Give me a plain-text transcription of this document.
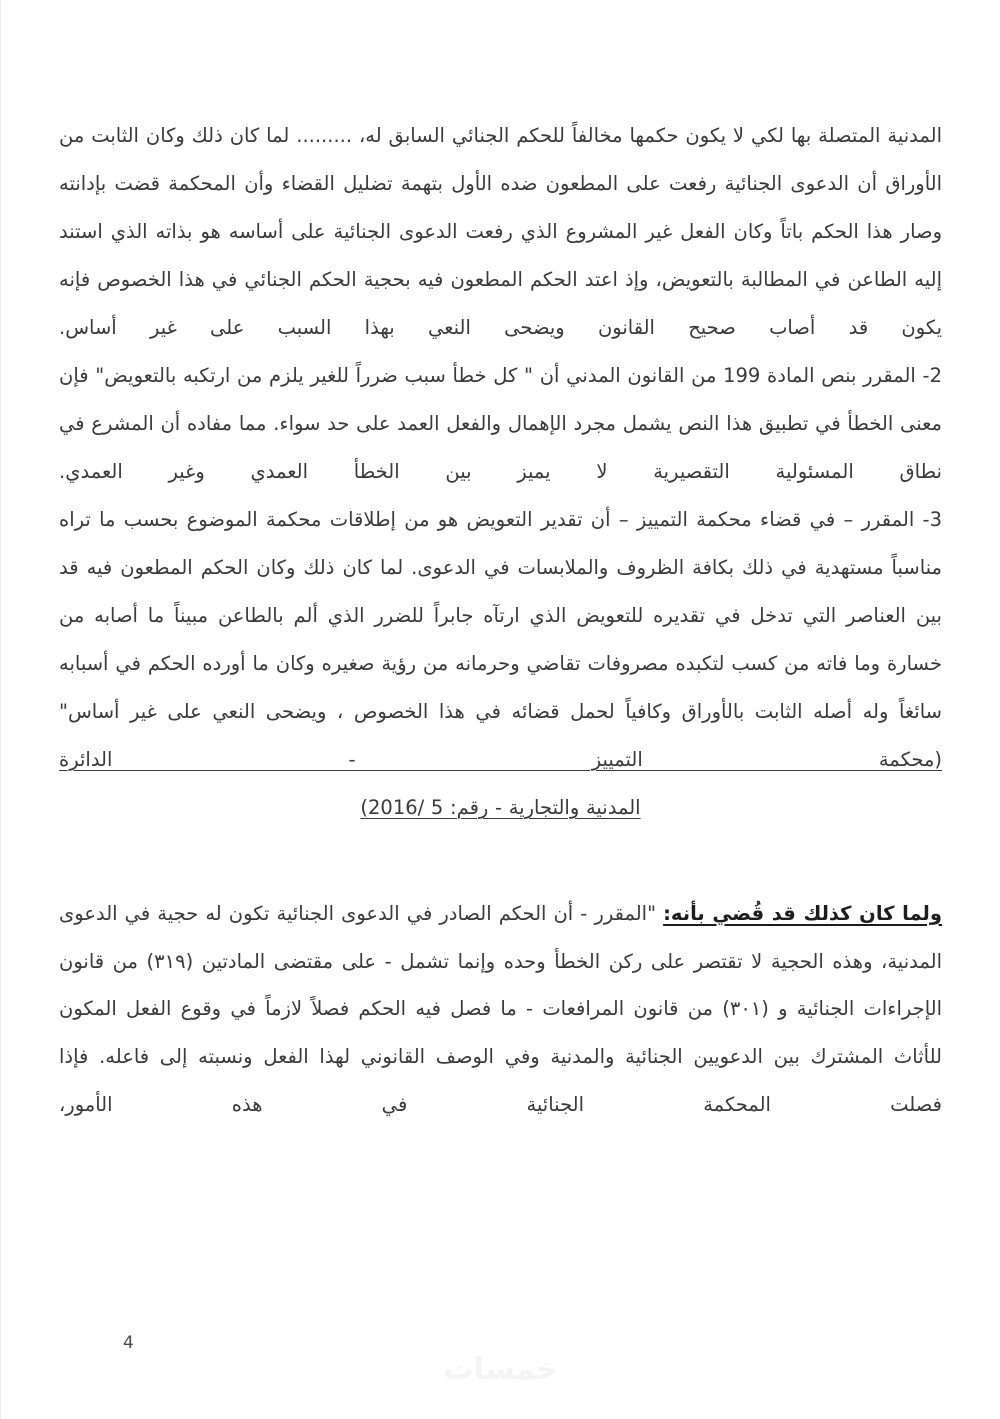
المدنية المتصلة بها لكي لا يكون حكمها مخالفاً للحكم الجنائي السابق له، ......... لما كان ذلك وكان الثابت من الأوراق أن الدعوى الجنائية رفعت على المطعون ضده الأول بتهمة تضليل القضاء وأن المحكمة قضت بإدانته وصار هذا الحكم باتاً وكان الفعل غير المشروع الذي رفعت الدعوى الجنائية على أساسه هو بذاته الذي استند إليه الطاعن في المطالبة بالتعويض، وإذ اعتد الحكم المطعون فيه بحجية الحكم الجنائي في هذا الخصوص فإنه يكون قد أصاب صحيح القانون ويضحى النعي بهذا السبب على غير أساس.

2- المقرر بنص المادة 199 من القانون المدني أن " كل خطأ سبب ضرراً للغير يلزم من ارتكبه بالتعويض" فإن معنى الخطأ في تطبيق هذا النص يشمل مجرد الإهمال والفعل العمد على حد سواء. مما مفاده أن المشرع في نطاق المسئولية التقصيرية لا يميز بين الخطأ العمدي وغير العمدي.

3- المقرر – في قضاء محكمة التمييز – أن تقدير التعويض هو من إطلاقات محكمة الموضوع بحسب ما تراه مناسباً مستهدية في ذلك بكافة الظروف والملابسات في الدعوى. لما كان ذلك وكان الحكم المطعون فيه قد بين العناصر التي تدخل في تقديره للتعويض الذي ارتآه جابراً للضرر الذي ألم بالطاعن مبيناً ما أصابه من خسارة وما فاته من كسب لتكبده مصروفات تقاضي وحرمانه من رؤية صغيره وكان ما أورده الحكم في أسبابه سائغاً وله أصله الثابت بالأوراق وكافياً لحمل قضائه في هذا الخصوص ، ويضحى النعي على غير أساس" (محكمة التمييز - الدائرة

المدنية والتجارية - رقم: 5 /2016)

ولما كان كذلك قد قُضي بأنه: "المقرر - أن الحكم الصادر في الدعوى الجنائية تكون له حجية في الدعوى المدنية، وهذه الحجية لا تقتصر على ركن الخطأ وحده وإنما تشمل - على مقتضى المادتين (٣١٩) من قانون الإجراءات الجنائية و (٣٠١) من قانون المرافعات - ما فصل فيه الحكم فصلاً لازماً في وقوع الفعل المكون للأثاث المشترك بين الدعويين الجنائية والمدنية وفي الوصف القانوني لهذا الفعل ونسبته إلى فاعله. فإذا فصلت المحكمة الجنائية في هذه الأمور،

4
خمسات
